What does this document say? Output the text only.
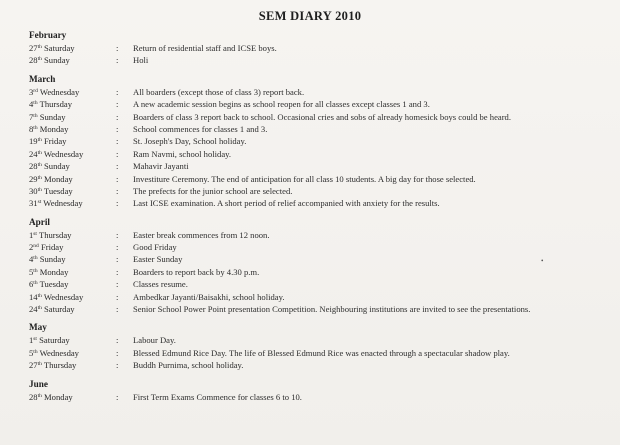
SEM DIARY 2010
February
27th Saturday	: Return of residential staff and ICSE boys.
28th Sunday	: Holi
March
3rd Wednesday	: All boarders (except those of class 3) report back.
4th Thursday	: A new academic session begins as school reopen for all classes except classes 1 and 3.
7th Sunday	: Boarders of class 3 report back to school. Occasional cries and sobs of already homesick boys could be heard.
8th Monday	: School commences for classes 1 and 3.
19th Friday	: St. Joseph's Day, School holiday.
24th Wednesday	: Ram Navmi, school holiday.
28th Sunday	: Mahavir Jayanti
29th Monday	: Investiture Ceremony. The end of anticipation for all class 10 students. A big day for those selected.
30th Tuesday	: The prefects for the junior school are selected.
31st Wednesday	: Last ICSE examination. A short period of relief accompanied with anxiety for the results.
April
1st Thursday	: Easter break commences from 12 noon.
2nd Friday	: Good Friday
4th Sunday	: Easter Sunday
5th Monday	: Boarders to report back by 4.30 p.m.
6th Tuesday	: Classes resume.
14th Wednesday	: Ambedkar Jayanti/Baisakhi, school holiday.
24th Saturday	: Senior School Power Point presentation Competition. Neighbouring institutions are invited to see the presentations.
May
1st Saturday	: Labour Day.
5th Wednesday	: Blessed Edmund Rice Day. The life of Blessed Edmund Rice was enacted through a spectacular shadow play.
27th Thursday	: Buddh Purnima, school holiday.
June
28th Monday	: First Term Exams Commence for classes 6 to 10.
•
